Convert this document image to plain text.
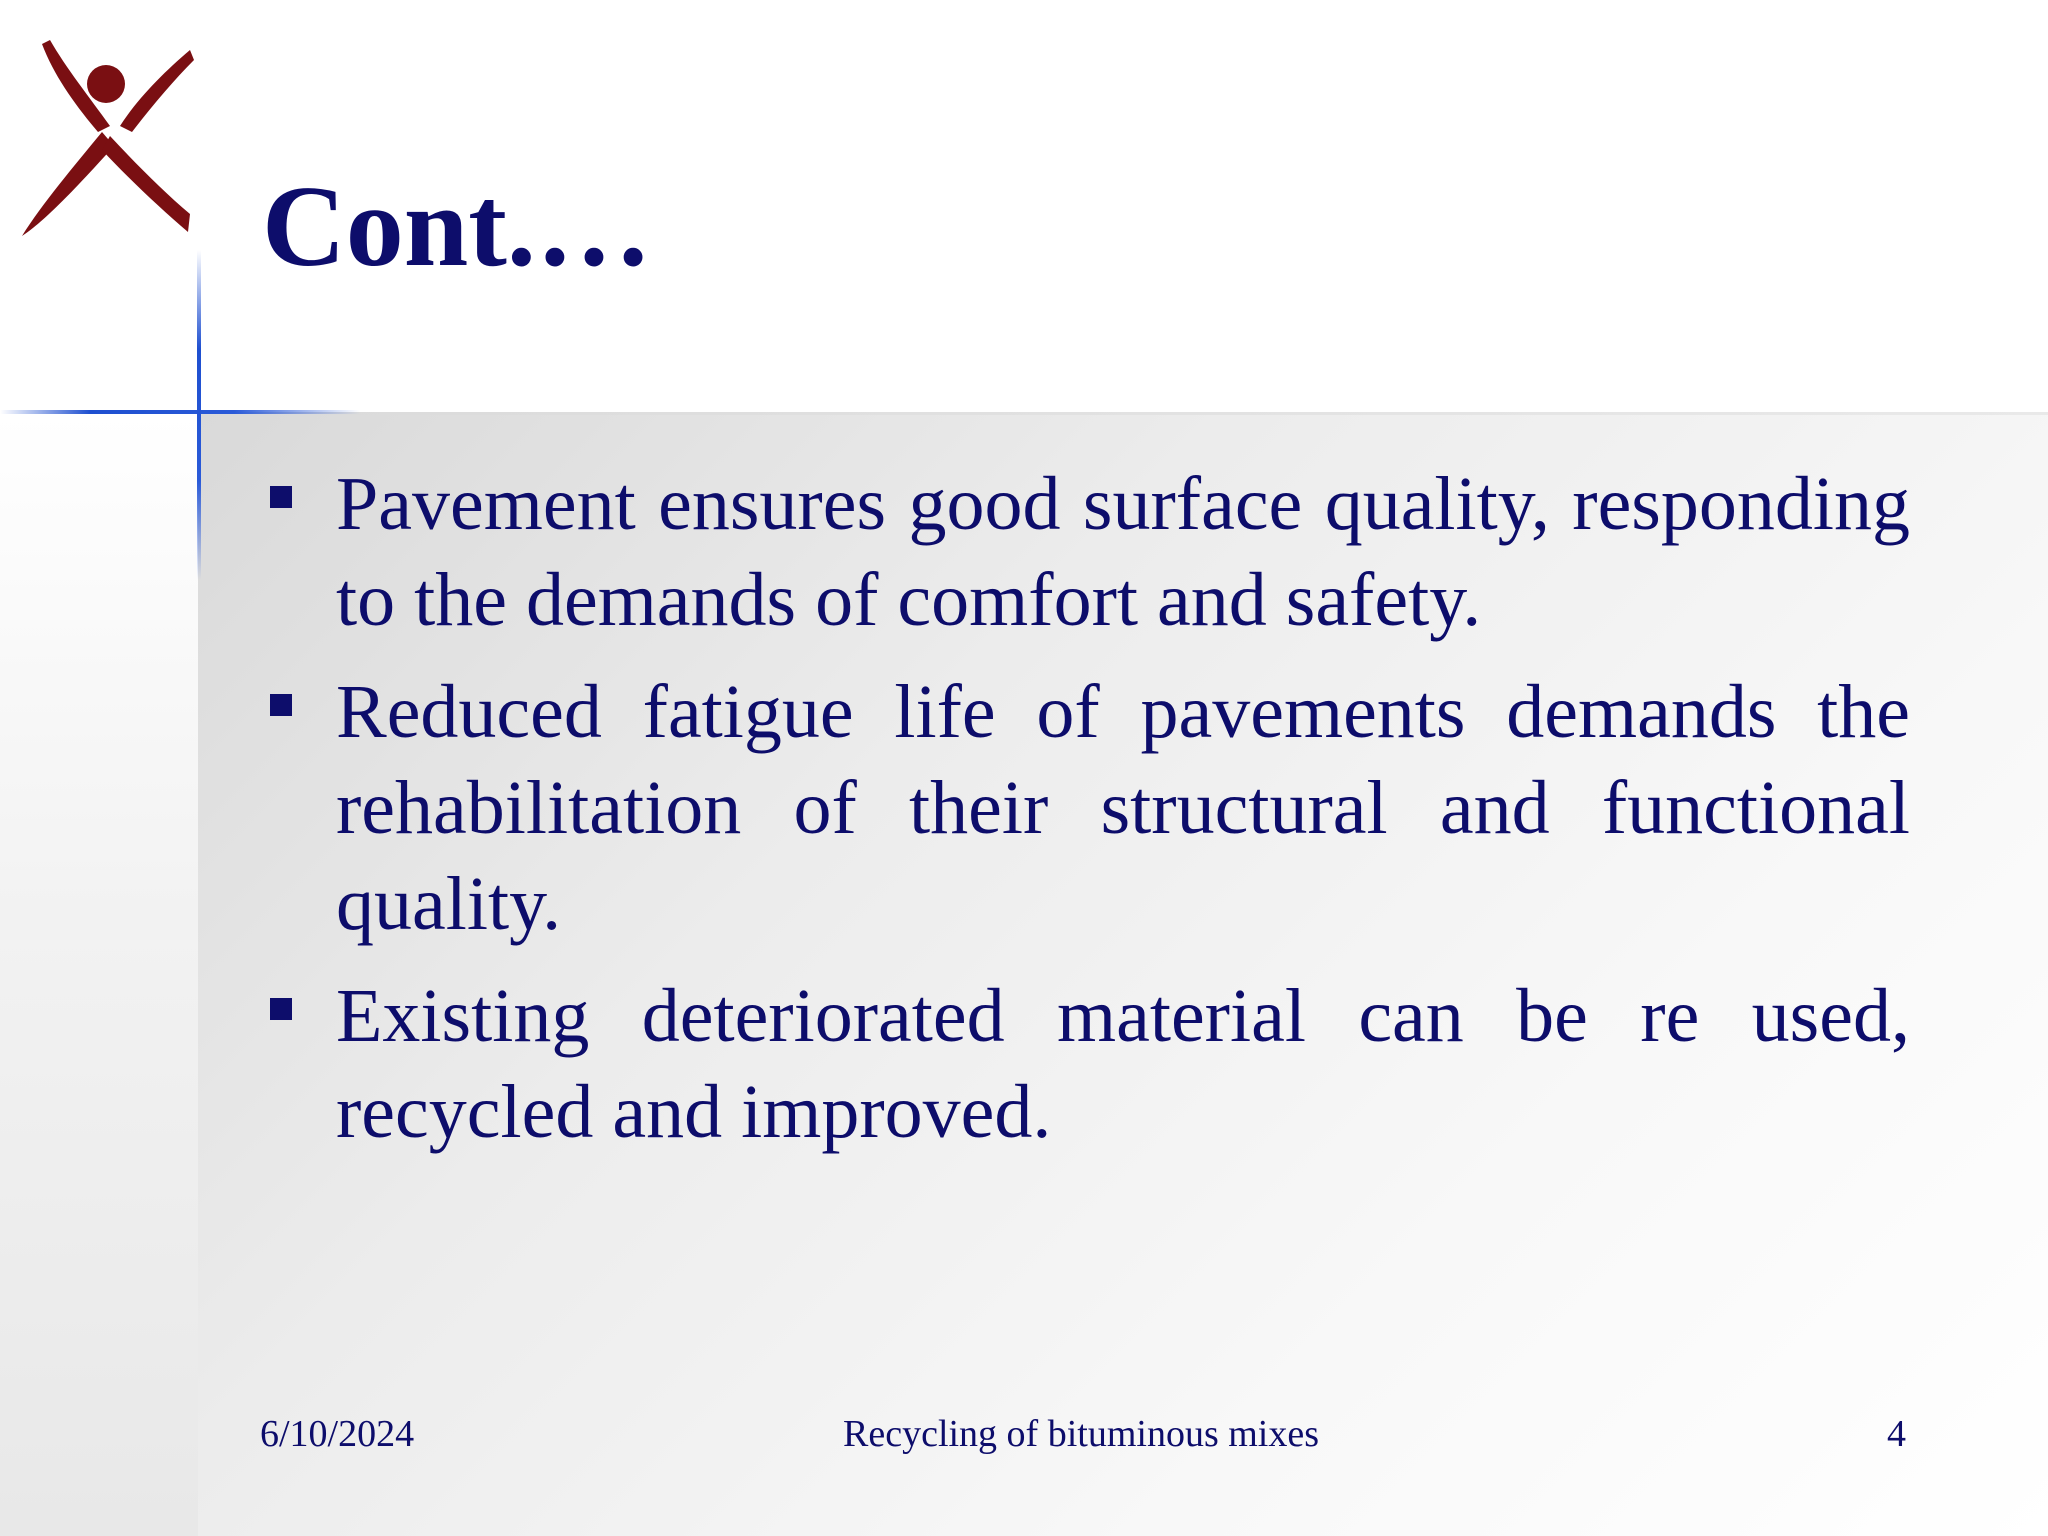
Cont.…
Pavement ensures good surface quality, responding to the demands of comfort and safety.
Reduced fatigue life of pavements demands the rehabilitation of their structural and functional quality.
Existing deteriorated material can be re used, recycled and improved.
6/10/2024	Recycling of bituminous mixes	4
